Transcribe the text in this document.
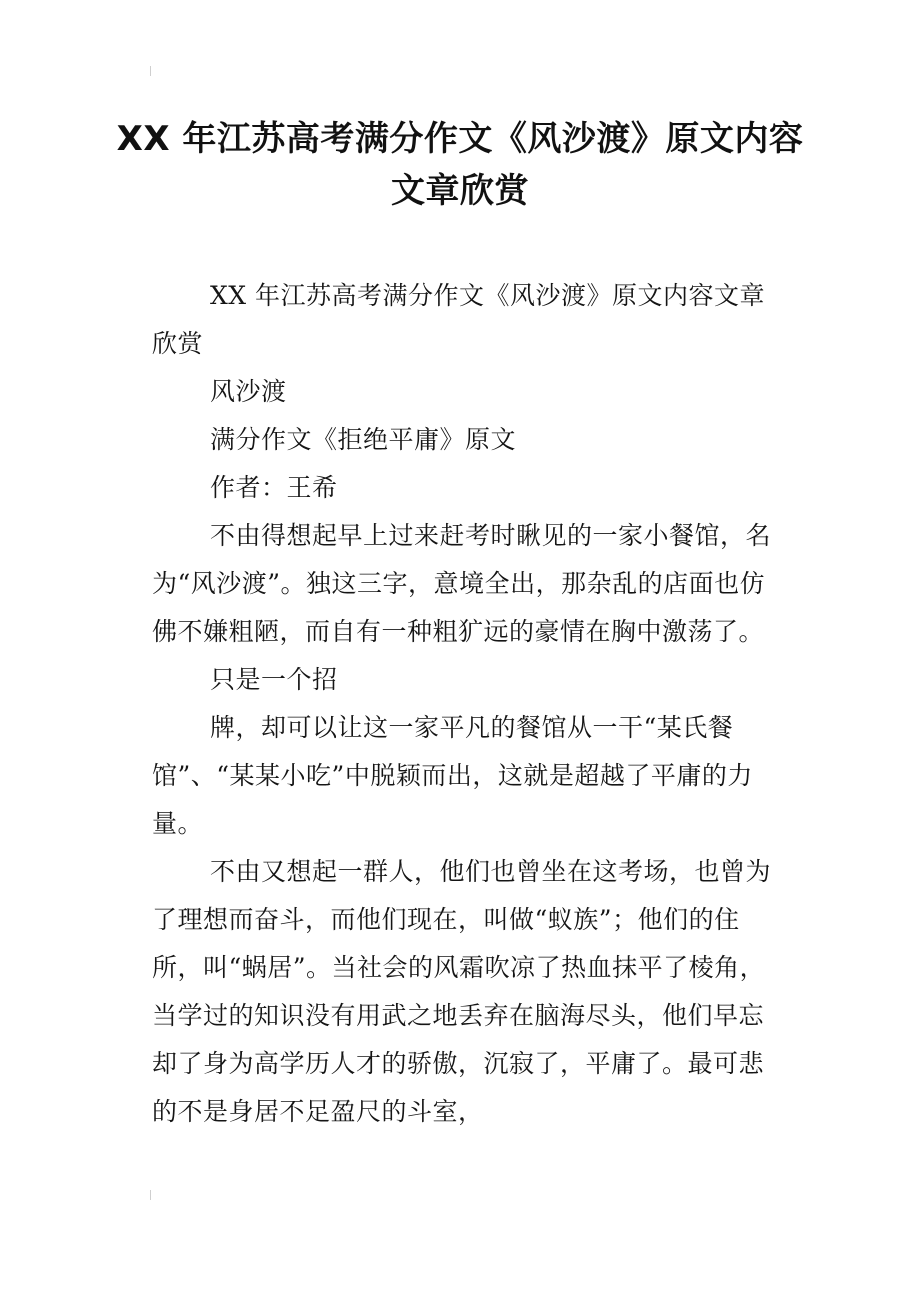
XX 年江苏高考满分作文《风沙渡》原文内容文章欣赏

XX 年江苏高考满分作文《风沙渡》原文内容文章欣赏

风沙渡

满分作文《拒绝平庸》原文

作者：王希

不由得想起早上过来赶考时瞅见的一家小餐馆，名为“风沙渡”。独这三字，意境全出，那杂乱的店面也仿佛不嫌粗陋，而自有一种粗犷远的豪情在胸中激荡了。

只是一个招

牌，却可以让这一家平凡的餐馆从一干“某氏餐馆”、“某某小吃”中脱颖而出，这就是超越了平庸的力量。

不由又想起一群人，他们也曾坐在这考场，也曾为了理想而奋斗，而他们现在，叫做“蚁族”；他们的住所，叫“蜗居”。当社会的风霜吹凉了热血抹平了棱角，当学过的知识没有用武之地丢弃在脑海尽头，他们早忘却了身为高学历人才的骄傲，沉寂了，平庸了。最可悲的不是身居不足盈尺的斗室，
